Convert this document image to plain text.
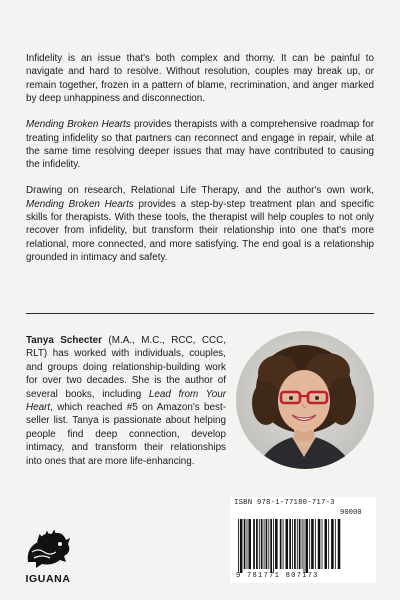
Infidelity is an issue that's both complex and thorny. It can be painful to navigate and hard to resolve. Without resolution, couples may break up, or remain together, frozen in a pattern of blame, recrimination, and anger marked by deep unhappiness and disconnection.

Mending Broken Hearts provides therapists with a comprehensive roadmap for treating infidelity so that partners can reconnect and engage in repair, while at the same time resolving deeper issues that may have contributed to causing the infidelity.

Drawing on research, Relational Life Therapy, and the author's own work, Mending Broken Hearts provides a step-by-step treatment plan and specific skills for therapists. With these tools, the therapist will help couples to not only recover from infidelity, but transform their relationship into one that's more relational, more connected, and more satisfying. The end goal is a relationship grounded in intimacy and safety.

Tanya Schecter (M.A., M.C., RCC, CCC, RLT) has worked with individuals, couples, and groups doing relationship-building work for over two decades. She is the author of several books, including Lead from Your Heart, which reached #5 on Amazon's best-seller list. Tanya is passionate about helping people find deep connection, develop intimacy, and transform their relationships into ones that are more life-enhancing.
ISBN 978-1-77180-717-3
90000
9 781771 807173
IGUANA
